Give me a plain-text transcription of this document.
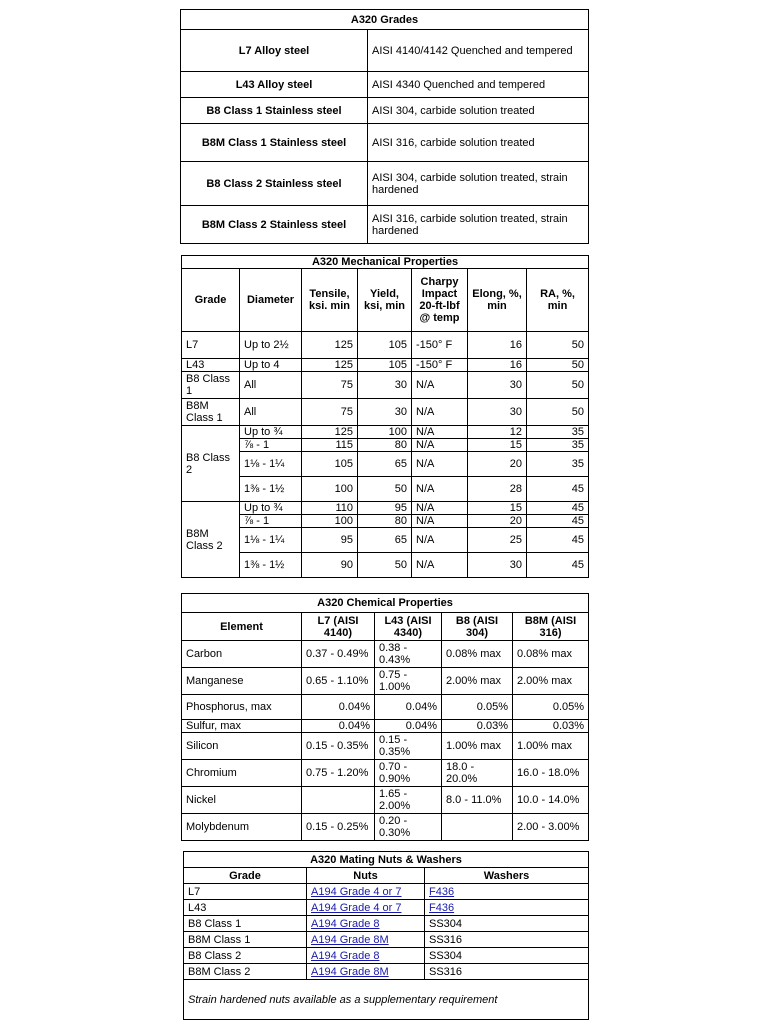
A320 Grades	
L7 Alloy steel	AISI 4140/4142 Quenched and tempered
L43 Alloy steel	AISI 4340 Quenched and tempered
B8 Class 1 Stainless steel	AISI 304, carbide solution treated
B8M Class 1 Stainless steel	AISI 316, carbide solution treated
B8 Class 2 Stainless steel	AISI 304, carbide solution treated, strain hardened
B8M Class 2 Stainless steel	AISI 316, carbide solution treated, strain hardened
A320 Mechanical Properties						
Grade	Diameter	Tensile, ksi. min	Yield, ksi, min	Charpy Impact 20-ft-lbf @ temp	Elong, %, min	RA, %, min
L7	Up to 2½	125	105	-150° F	16	50
L43	Up to 4	125	105	-150° F	16	50
B8 Class 1	All	75	30	N/A	30	50
B8M Class 1	All	75	30	N/A	30	50
B8 Class 2	Up to ¾	125	100	N/A	12	35
	⅞ - 1	115	80	N/A	15	35
	1⅛ - 1¼	105	65	N/A	20	35
	1⅜ - 1½	100	50	N/A	28	45
B8M Class 2	Up to ¾	110	95	N/A	15	45
	⅞ - 1	100	80	N/A	20	45
	1⅛ - 1¼	95	65	N/A	25	45
	1⅜ - 1½	90	50	N/A	30	45
A320 Chemical Properties				
Element	L7 (AISI 4140)	L43 (AISI 4340)	B8 (AISI 304)	B8M (AISI 316)
Carbon	0.37 - 0.49%	0.38 - 0.43%	0.08% max	0.08% max
Manganese	0.65 - 1.10%	0.75 - 1.00%	2.00% max	2.00% max
Phosphorus, max	0.04%	0.04%	0.05%	0.05%
Sulfur, max	0.04%	0.04%	0.03%	0.03%
Silicon	0.15 - 0.35%	0.15 - 0.35%	1.00% max	1.00% max
Chromium	0.75 - 1.20%	0.70 - 0.90%	18.0 - 20.0%	16.0 - 18.0%
Nickel		1.65 - 2.00%	8.0 - 11.0%	10.0 - 14.0%
Molybdenum	0.15 - 0.25%	0.20 - 0.30%		2.00 - 3.00%
A320 Mating Nuts & Washers		
Grade	Nuts	Washers
L7	A194 Grade 4 or 7	F436
L43	A194 Grade 4 or 7	F436
B8 Class 1	A194 Grade 8	SS304
B8M Class 1	A194 Grade 8M	SS316
B8 Class 2	A194 Grade 8	SS304
B8M Class 2	A194 Grade 8M	SS316
Strain hardened nuts available as a supplementary requirement		
